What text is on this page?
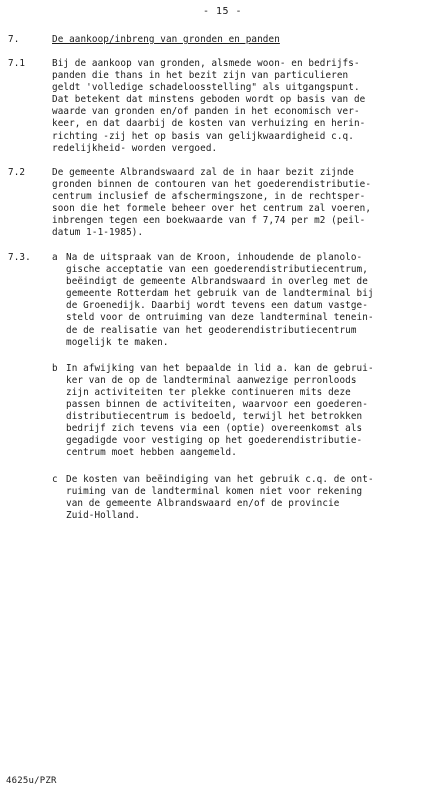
- 15 -
7.	De aankoop/inbreng van gronden en panden
7.1	Bij de aankoop van gronden, alsmede woon- en bedrijfs-
panden die thans in het bezit zijn van particulieren
geldt 'volledige schadeloosstelling" als uitgangspunt.
Dat betekent dat minstens geboden wordt op basis van de
waarde van gronden en/of panden in het economisch ver-
keer, en dat daarbij de kosten van verhuizing en herin-
richting -zij het op basis van gelijkwaardigheid c.q.
redelijkheid- worden vergoed.
7.2	De gemeente Albrandswaard zal de in haar bezit zijnde
gronden binnen de contouren van het goederendistributie-
centrum inclusief de afschermingszone, in de rechtsper-
soon die het formele beheer over het centrum zal voeren,
inbrengen tegen een boekwaarde van f 7,74 per m2 (peil-
datum 1-1-1985).
7.3. a Na de uitspraak van de Kroon, inhoudende de planolo-
gische acceptatie van een goederendistributiecentrum,
beëindigt de gemeente Albrandswaard in overleg met de
gemeente Rotterdam het gebruik van de landterminal bij
de Groenedijk. Daarbij wordt tevens een datum vastge-
steld voor de ontruiming van deze landterminal tenein-
de de realisatie van het geoderendistributiecentrum
mogelijk te maken.
b In afwijking van het bepaalde in lid a. kan de gebrui-
ker van de op de landterminal aanwezige perronloods
zijn activiteiten ter plekke continueren mits deze
passen binnen de activiteiten, waarvoor een goederen-
distributiecentrum is bedoeld, terwijl het betrokken
bedrijf zich tevens via een (optie) overeenkomst als
gegadigde voor vestiging op het goederendistributie-
centrum moet hebben aangemeld.
c De kosten van beëindiging van het gebruik c.q. de ont-
ruiming van de landterminal komen niet voor rekening
van de gemeente Albrandswaard en/of de provincie
Zuid-Holland.
4625u/PZR
